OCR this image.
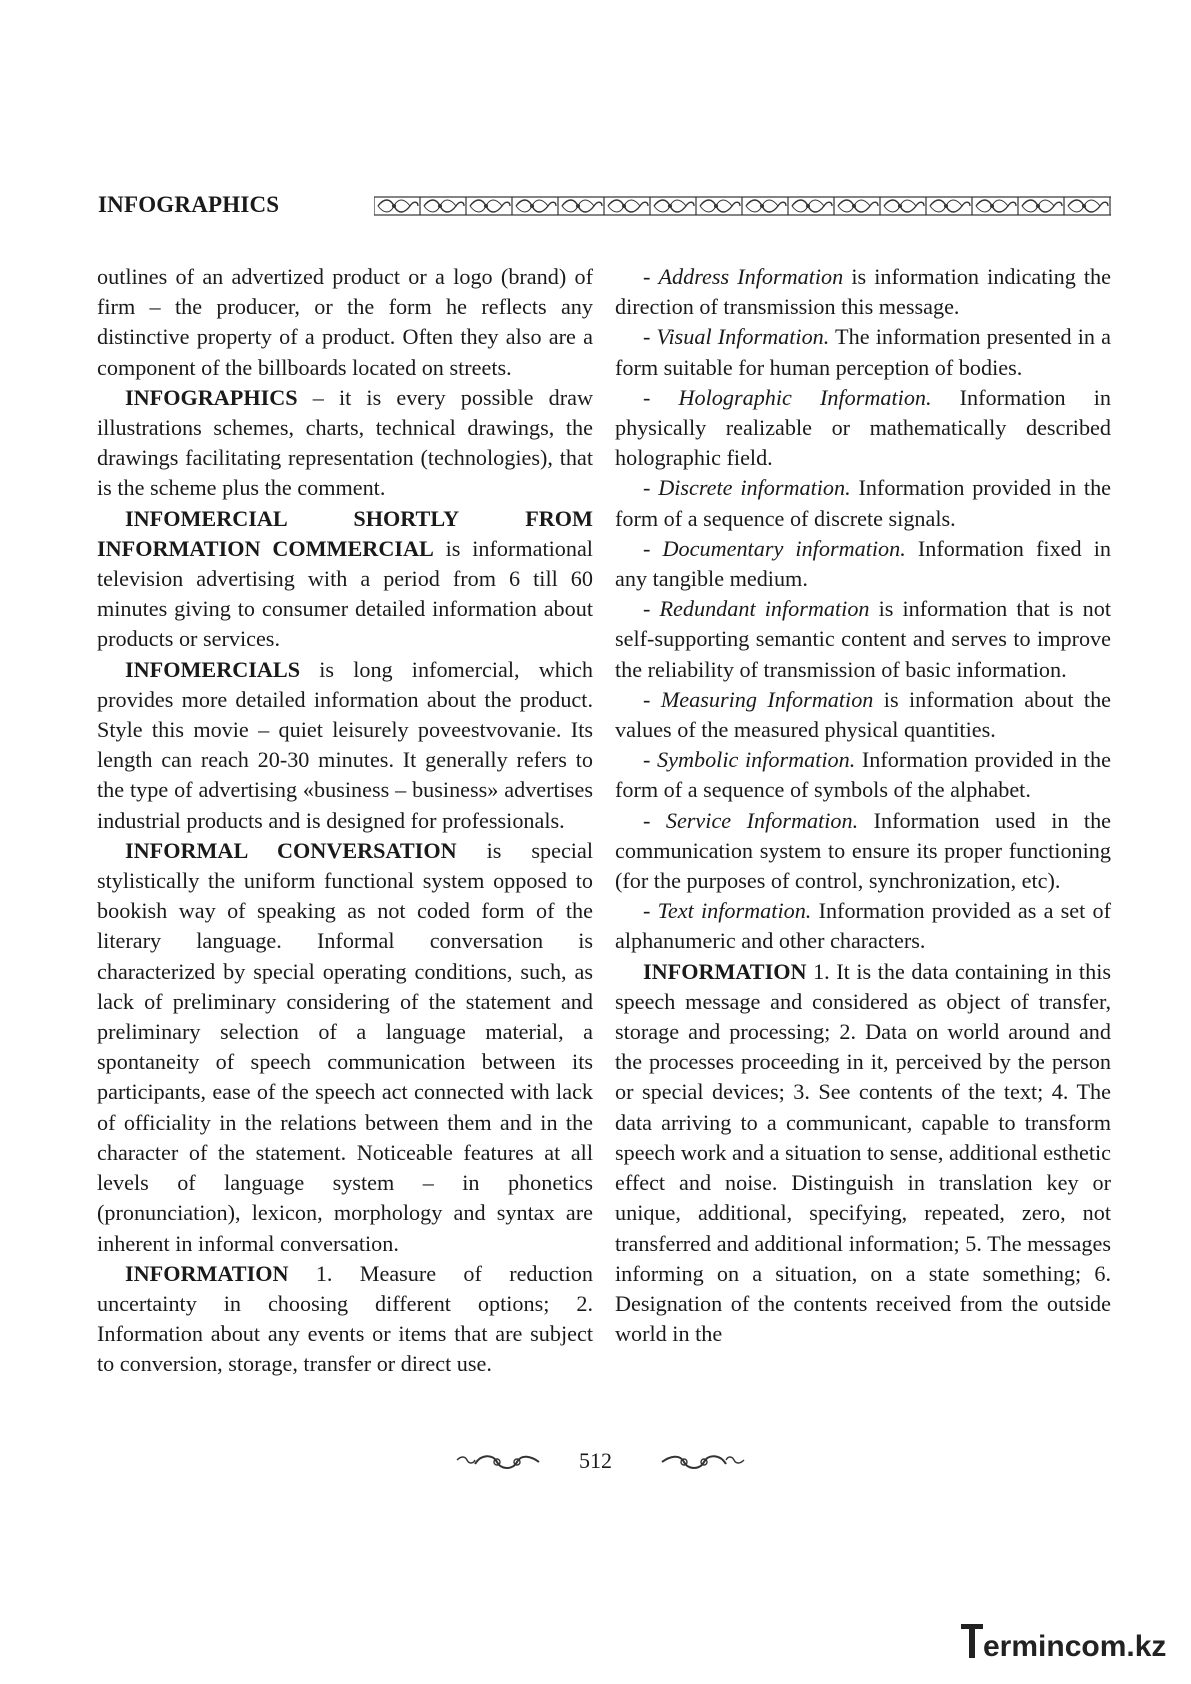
INFOGRAPHICS

outlines of an advertized product or a logo (brand) of firm – the producer, or the form he reflects any distinctive property of a product. Often they also are a component of the billboards located on streets.

INFOGRAPHICS – it is every possible draw illustrations schemes, charts, technical drawings, the drawings facilitating representation (technologies), that is the scheme plus the comment.

INFOMERCIAL SHORTLY FROM INFORMATION COMMERCIAL is informational television advertising with a period from 6 till 60 minutes giving to consumer detailed information about products or services.

INFOMERCIALS is long infomercial, which provides more detailed information about the product. Style this movie – quiet leisurely poveestvovanie. Its length can reach 20-30 minutes. It generally refers to the type of advertising «business – business» advertises industrial products and is designed for professionals.

INFORMAL CONVERSATION is special stylistically the uniform functional system opposed to bookish way of speaking as not coded form of the literary language. Informal conversation is characterized by special operating conditions, such, as lack of preliminary considering of the statement and preliminary selection of a language material, a spontaneity of speech communication between its participants, ease of the speech act connected with lack of officiality in the relations between them and in the character of the statement. Noticeable features at all levels of language system – in phonetics (pronunciation), lexicon, morphology and syntax are inherent in informal conversation.

INFORMATION 1. Measure of reduction uncertainty in choosing different options; 2. Information about any events or items that are subject to conversion, storage, transfer or direct use.

- Address Information is information indicating the direction of transmission this message.

- Visual Information. The information presented in a form suitable for human perception of bodies.

- Holographic Information. Information in physically realizable or mathematically described holographic field.

- Discrete information. Information provided in the form of a sequence of discrete signals.

- Documentary information. Information fixed in any tangible medium.

- Redundant information is information that is not self-supporting semantic content and serves to improve the reliability of transmission of basic information.

- Measuring Information is information about the values of the measured physical quantities.

- Symbolic information. Information provided in the form of a sequence of symbols of the alphabet.

- Service Information. Information used in the communication system to ensure its proper functioning (for the purposes of control, synchronization, etc).

- Text information. Information provided as a set of alphanumeric and other characters.

INFORMATION 1. It is the data containing in this speech message and considered as object of transfer, storage and processing; 2. Data on world around and the processes proceeding in it, perceived by the person or special devices; 3. See contents of the text; 4. The data arriving to a communicant, capable to transform speech work and a situation to sense, additional esthetic effect and noise. Distinguish in translation key or unique, additional, specifying, repeated, zero, not transferred and additional information; 5. The messages informing on a situation, on a state something; 6. Designation of the contents received from the outside world in the

512
ermincom.kz
